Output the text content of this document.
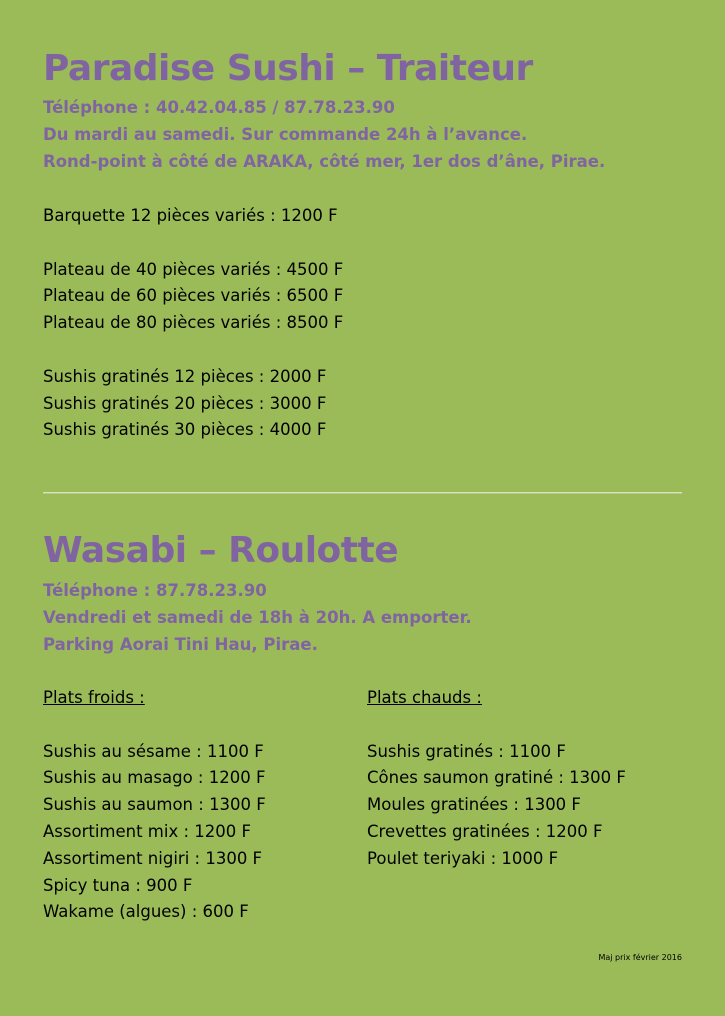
Paradise Sushi – Traiteur
Téléphone : 40.42.04.85 / 87.78.23.90
Du mardi au samedi. Sur commande 24h à l’avance.
Rond-point à côté de ARAKA, côté mer, 1er dos d’âne, Pirae.
Barquette 12 pièces variés : 1200 F
Plateau de 40 pièces variés : 4500 F
Plateau de 60 pièces variés : 6500 F
Plateau de 80 pièces variés : 8500 F
Sushis gratinés 12 pièces : 2000 F
Sushis gratinés 20 pièces : 3000 F
Sushis gratinés 30 pièces : 4000 F
Wasabi – Roulotte
Téléphone : 87.78.23.90
Vendredi et samedi de 18h à 20h. A emporter.
Parking Aorai Tini Hau, Pirae.
Plats froids :
Sushis au sésame : 1100 F
Sushis au masago : 1200 F
Sushis au saumon : 1300 F
Assortiment mix : 1200 F
Assortiment nigiri : 1300 F
Spicy tuna : 900 F
Wakame (algues) : 600 F
Plats chauds :
Sushis gratinés : 1100 F
Cônes saumon gratiné : 1300 F
Moules gratinées : 1300 F
Crevettes gratinées : 1200 F
Poulet teriyaki : 1000 F
Maj prix février 2016
